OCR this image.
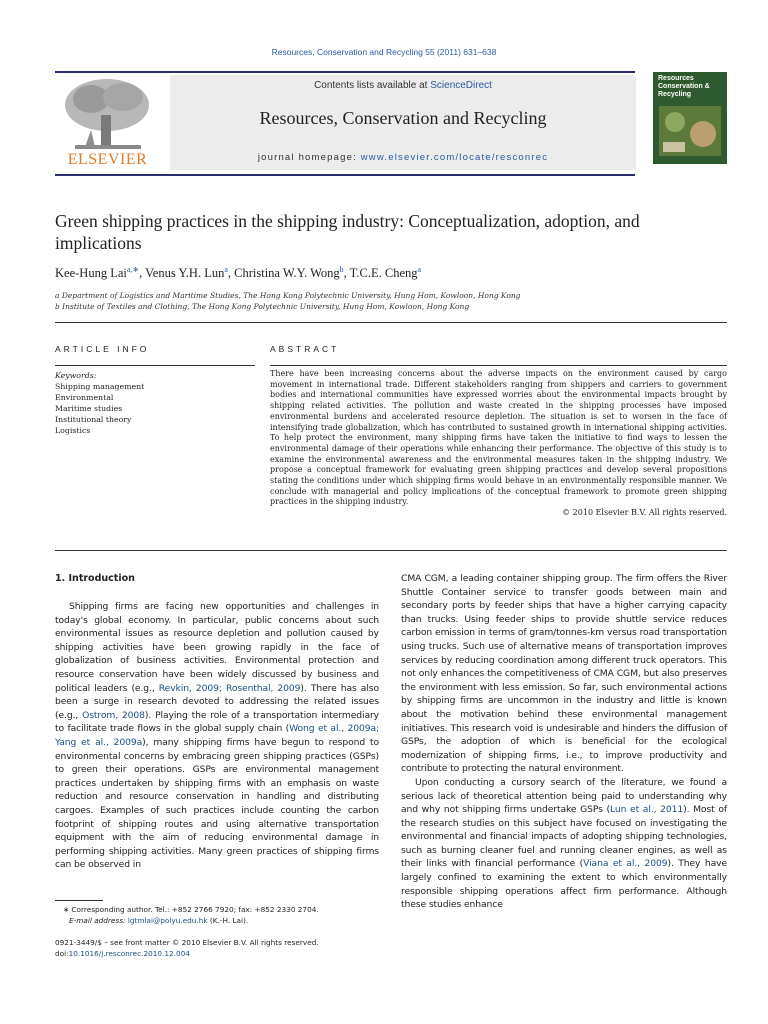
Resources, Conservation and Recycling 55 (2011) 631–638
ELSEVIER
Contents lists available at ScienceDirect
Resources, Conservation and Recycling
journal homepage: www.elsevier.com/locate/resconrec
Resources Conservation & Recycling
Green shipping practices in the shipping industry: Conceptualization, adoption, and implications
Kee-Hung Lai$^{a,∗}$, Venus Y.H. Lun$^a$, Christina W.Y. Wong$^b$, T.C.E. Cheng$^a$
a Department of Logistics and Maritime Studies, The Hong Kong Polytechnic University, Hung Hom, Kowloon, Hong Kong
b Institute of Textiles and Clothing, The Hong Kong Polytechnic University, Hung Hom, Kowloon, Hong Kong
ARTICLE INFO
Keywords:
Shipping management
Environmental
Maritime studies
Institutional theory
Logistics
ABSTRACT
There have been increasing concerns about the adverse impacts on the environment caused by cargo movement in international trade. Different stakeholders ranging from shippers and carriers to government bodies and international communities have expressed worries about the environmental impacts brought by shipping related activities. The pollution and waste created in the shipping processes have imposed environmental burdens and accelerated resource depletion. The situation is set to worsen in the face of intensifying trade globalization, which has contributed to sustained growth in international shipping activities. To help protect the environment, many shipping firms have taken the initiative to find ways to lessen the environmental damage of their operations while enhancing their performance. The objective of this study is to examine the environmental awareness and the environmental measures taken in the shipping industry. We propose a conceptual framework for evaluating green shipping practices and develop several propositions stating the conditions under which shipping firms would behave in an environmentally responsible manner. We conclude with managerial and policy implications of the conceptual framework to promote green shipping practices in the shipping industry.
© 2010 Elsevier B.V. All rights reserved.
1. Introduction

Shipping firms are facing new opportunities and challenges in today's global economy. In particular, public concerns about such environmental issues as resource depletion and pollution caused by shipping activities have been growing rapidly in the face of globalization of business activities. Environmental protection and resource conservation have been widely discussed by business and political leaders (e.g., Revkin, 2009; Rosenthal, 2009). There has also been a surge in research devoted to addressing the related issues (e.g., Ostrom, 2008). Playing the role of a transportation intermediary to facilitate trade flows in the global supply chain (Wong et al., 2009a; Yang et al., 2009a), many shipping firms have begun to respond to environmental concerns by embracing green shipping practices (GSPs) to green their operations. GSPs are environmental management practices undertaken by shipping firms with an emphasis on waste reduction and resource conservation in handling and distributing cargoes. Examples of such practices include counting the carbon footprint of shipping routes and using alternative transportation equipment with the aim of reducing environmental damage in performing shipping activities. Many green practices of shipping firms can be observed in

CMA CGM, a leading container shipping group. The firm offers the River Shuttle Container service to transfer goods between main and secondary ports by feeder ships that have a higher carrying capacity than trucks. Using feeder ships to provide shuttle service reduces carbon emission in terms of gram/tonnes-km versus road transportation using trucks. Such use of alternative means of transportation improves services by reducing coordination among different truck operators. This not only enhances the competitiveness of CMA CGM, but also preserves the environment with less emission. So far, such environmental actions by shipping firms are uncommon in the industry and little is known about the motivation behind these environmental management initiatives. This research void is undesirable and hinders the diffusion of GSPs, the adoption of which is beneficial for the ecological modernization of shipping firms, i.e., to improve productivity and contribute to protecting the natural environment.

Upon conducting a cursory search of the literature, we found a serious lack of theoretical attention being paid to understanding why and why not shipping firms undertake GSPs (Lun et al., 2011). Most of the research studies on this subject have focused on investigating the environmental and financial impacts of adopting shipping technologies, such as burning cleaner fuel and running cleaner engines, as well as their links with financial performance (Viana et al., 2009). They have largely confined to examining the extent to which environmentally responsible shipping operations affect firm performance. Although these studies enhance

∗ Corresponding author. Tel.: +852 2766 7920; fax: +852 2330 2704.
E-mail address: lgtmlai@polyu.edu.hk (K.-H. Lai).
0921-3449/$ – see front matter © 2010 Elsevier B.V. All rights reserved.
doi:10.1016/j.resconrec.2010.12.004
